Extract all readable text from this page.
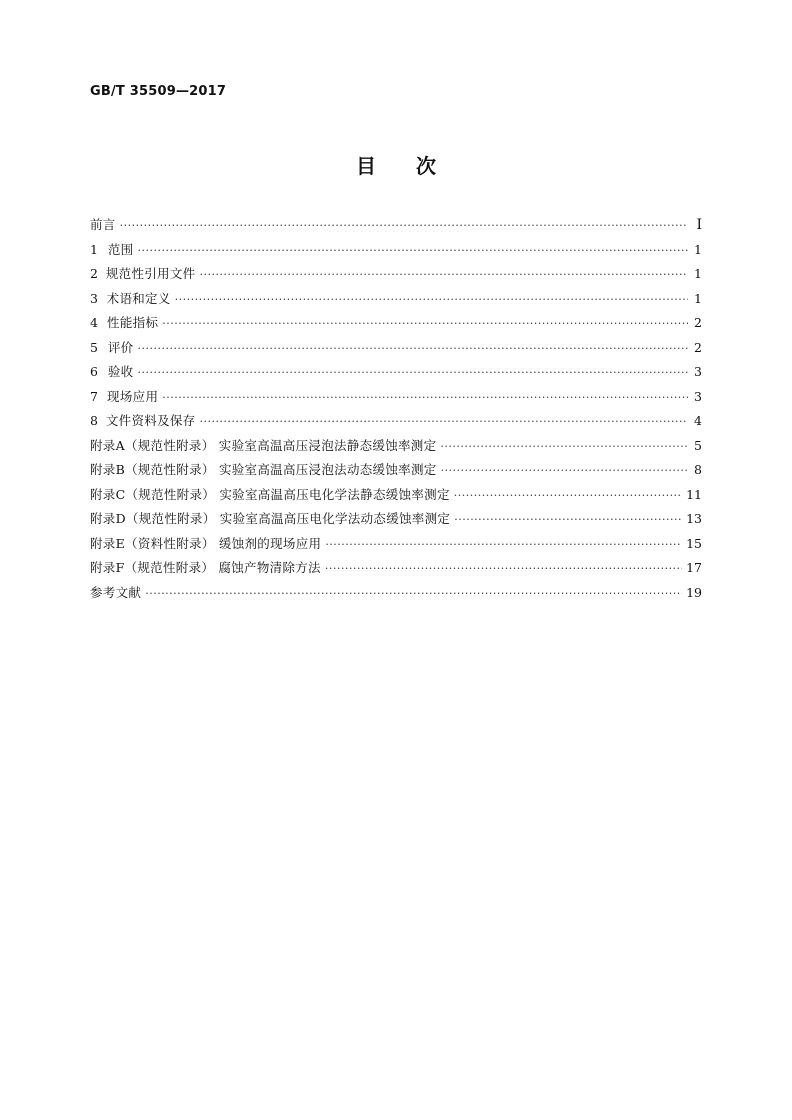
GB/T 35509—2017
目次
前言 ·····	I
1 范围 ·····	1
2 规范性引用文件 ·····	1
3 术语和定义 ·····	1
4 性能指标 ·····	2
5 评价 ·····	2
6 验收 ·····	3
7 现场应用 ·····	3
8 文件资料及保存 ·····	4
附录A（规范性附录） 实验室高温高压浸泡法静态缓蚀率测定 ·····	5
附录B（规范性附录） 实验室高温高压浸泡法动态缓蚀率测定 ·····	8
附录C（规范性附录） 实验室高温高压电化学法静态缓蚀率测定 ·····	11
附录D（规范性附录） 实验室高温高压电化学法动态缓蚀率测定 ·····	13
附录E（资料性附录） 缓蚀剂的现场应用 ·····	15
附录F（规范性附录） 腐蚀产物清除方法 ·····	17
参考文献 ·····	19
